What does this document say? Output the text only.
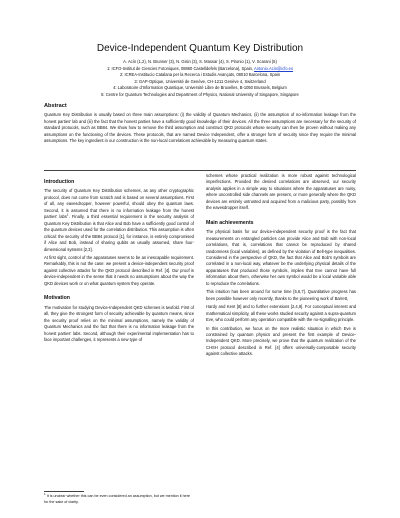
Device-Independent Quantum Key Distribution
A. Acín (1,2), N. Brunner (3), N. Gisin (3), S. Massar (4), S. Pironio (1), V. Scarani (5)
1: ICFO-Institut de Ciencies Fotoniques, 08860 Castelldefels (Barcelona), Spain, Antonio.Acin@icfo.es
2: ICREA-Institucio Catalana per la Recerca i Estudis Avançats, 08010 Barcelona, Spain
3: GAP-Optique, Université de Genève, CH-1211 Genève 4, Switzerland
4: Laboratoire d'Information Quantique, Université Libre de Bruxelles, B-1050 Brussels, Belgium
5: Centre for Quantum Technologies and Department of Physics, National University of Singapore, Singapore
Abstract
Quantum Key Distribution is usually based on three main assumptions: (i) the validity of Quantum Mechanics, (ii) the assumption of no-information leakage from the honest parties' lab and (iii) the fact that the honest parties have a sufficiently good knowledge of their devices. All the three assumptions are necessary for the security of standard protocols, such as BB84. We show how to remove the third assumption and construct QKD protocols whose security can then be proven without making any assumptions on the functioning of the devices. These protocols, that are named Device Independent, offer a stronger form of security since they require the minimal assumptions. The key ingredient in our construction is the non-local correlations achievable by measuring quantum states.
Introduction

The security of Quantum Key Distribution schemes, as any other cryptographic protocol, does not come from scratch and is based on several assumptions. First of all, any eavesdropper, however powerful, should obey the quantum laws. Second, it is assumed that there is no information leakage from the honest parties' labs$^1$. Finally, a third essential requirement in the security analysis of Quantum Key Distribution is that Alice and Bob have a sufficiently good control of the quantum devices used for the correlation distribution. This assumption is often critical: the security of the BB84 protocol [1], for instance, is entirely compromised if Alice and Bob, instead of sharing qubits as usually assumed, share four-dimensional systems [2,3].

At first sight, control of the apparatuses seems to be an inescapable requirement. Remarkably, this is not the case: we present a device-independent security proof against collective attacks for the QKD protocol described in Ref. [4]. Our proof is device-independent in the sense that it needs no assumptions about the way the QKD devices work or on what quantum system they operate.

Motivation

The motivation for studying Device-Independent QKD schemes is twofold. First of all, they give the strongest form of security achievable by quantum means, since the security proof relies on the minimal assumptions, namely the validity of Quantum Mechanics and the fact that there is no information leakage from the honest parties' labs. Second, although their experimental implementation has to face important challenges, it represents a new type of

schemes whose practical realization is more robust against technological imperfections. Provided the desired correlations are observed, our security analysis applies in a simple way to situations where the apparatuses are noisy, where uncontrolled side channels are present, or more generally where the QKD devices are entirely untrusted and acquired from a malicious party, possibly from the eavesdropper itself.

Main achievements

The physical basis for our device-independent security proof is the fact that measurements on entangled particles can provide Alice and Bob with non-local correlations, that is, correlations that cannot be reproduced by shared randomness (local variables), as defined by the violation of Bell-type inequalities. Considered in the perspective of QKD, the fact that Alice and Bob's symbols are correlated in a non-local way, whatever be the underlying physical details of the apparatuses that produced those symbols, implies that Eve cannot have full information about them, otherwise her own symbol would be a local variable able to reproduce the correlations.

This intuition has been around for some time [5,6,7]. Quantitative progress has been possible however only recently, thanks to the pioneering work of Barrett,

Hardy and Kent [8] and to further extensions [2,4,9]. For conceptual interest and mathematical simplicity, all these works studied security against a supra-quantum Eve, who could perform any operation compatible with the no-signalling principle.

In this contribution, we focus on the more realistic situation in which Eve is constrained by quantum physics and present the first example of Device-Independent QKD. More precisely, we prove that the quantum realization of the CHSH protocol described in Ref. [4] offers universally-composable security against collective attacks.

$^1$ It is unclear whether this can be even considered an assumption, but we mention it here for the sake of clarity.
